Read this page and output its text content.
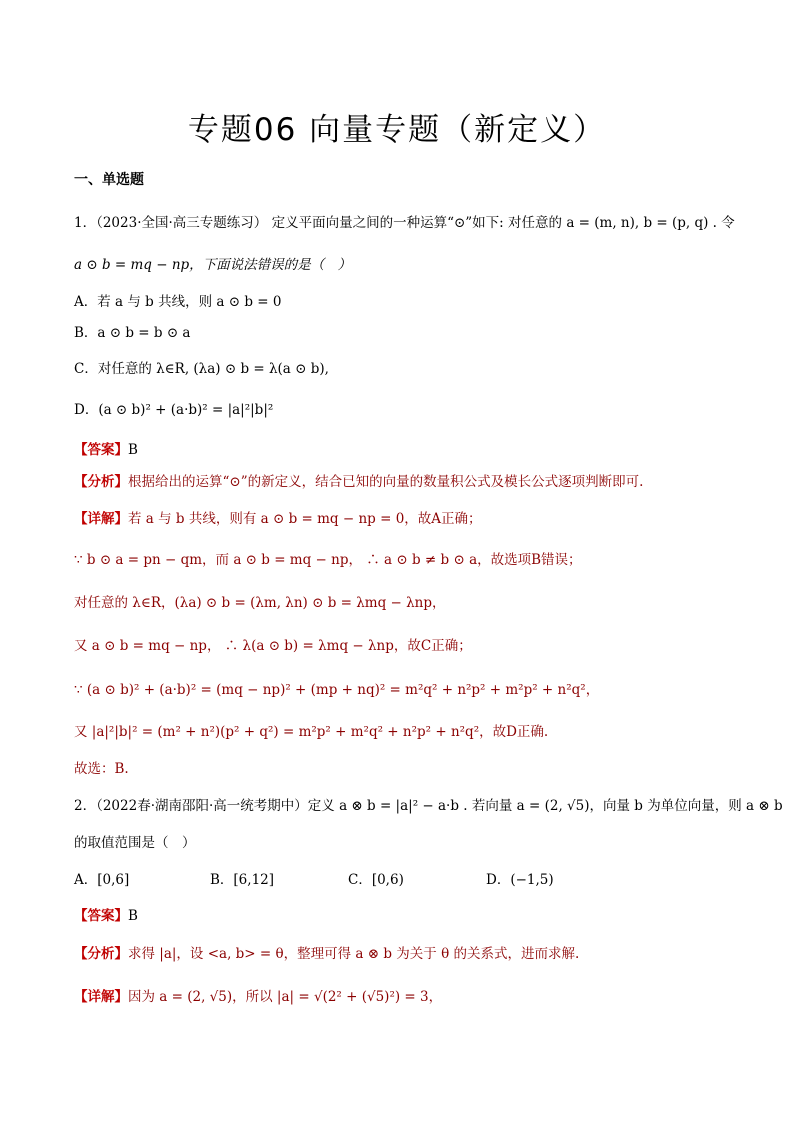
专题06 向量专题（新定义）
一、单选题
1．（2023·全国·高三专题练习） 定义平面向量之间的一种运算“⊙”如下: 对任意的 a = (m, n), b = (p, q) . 令
a ⊙ b = mq − np，下面说法错误的是（　）
A．若 a 与 b 共线，则 a ⊙ b = 0
B．a ⊙ b = b ⊙ a
C．对任意的 λ∈R, (λa) ⊙ b = λ(a ⊙ b),
D．(a ⊙ b)² + (a·b)² = |a|²|b|²
【答案】B
【分析】根据给出的运算“⊙”的新定义，结合已知的向量的数量积公式及模长公式逐项判断即可.
【详解】若 a 与 b 共线，则有 a ⊙ b = mq − np = 0，故A正确；
∵ b ⊙ a = pn − qm，而 a ⊙ b = mq − np， ∴ a ⊙ b ≠ b ⊙ a，故选项B错误；
对任意的 λ∈R，(λa) ⊙ b = (λm, λn) ⊙ b = λmq − λnp，
又 a ⊙ b = mq − np， ∴ λ(a ⊙ b) = λmq − λnp，故C正确；
∵ (a ⊙ b)² + (a·b)² = (mq − np)² + (mp + nq)² = m²q² + n²p² + m²p² + n²q²，
又 |a|²|b|² = (m² + n²)(p² + q²) = m²p² + m²q² + n²p² + n²q²，故D正确.
故选：B.
2．（2022春·湖南邵阳·高一统考期中）定义 a ⊗ b = |a|² − a·b . 若向量 a = (2, √5)，向量 b 为单位向量，则 a ⊗ b
的取值范围是（　）
A．[0,6]	B．[6,12]	C．[0,6)	D．(−1,5)
【答案】B
【分析】求得 |a|，设 <a, b> = θ，整理可得 a ⊗ b 为关于 θ 的关系式，进而求解.
【详解】因为 a = (2, √5)，所以 |a| = √(2² + (√5)²) = 3，
